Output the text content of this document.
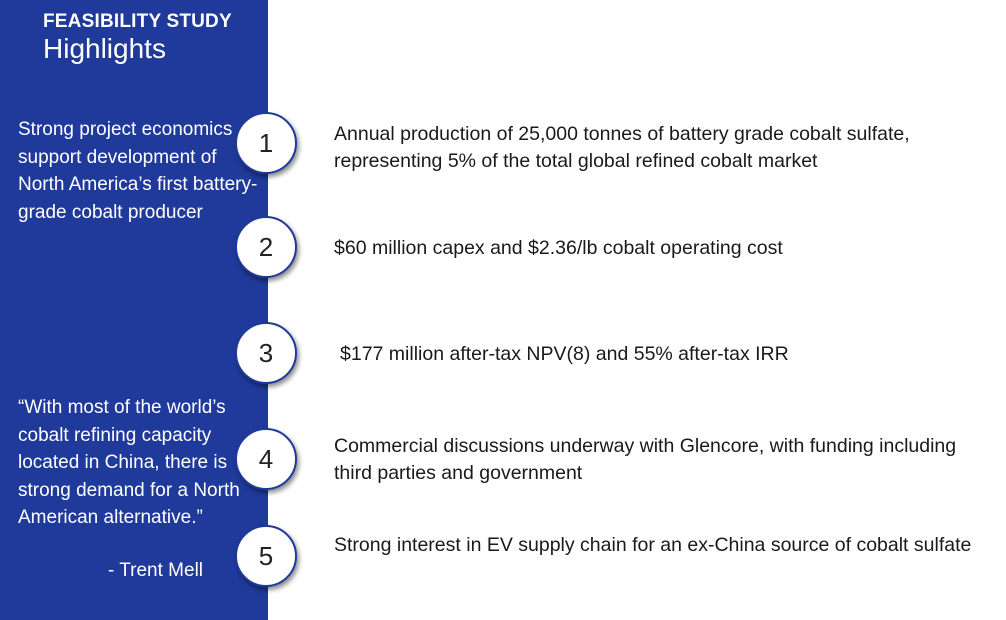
FEASIBILITY STUDY
Highlights
Strong project economics support development of North America’s first battery-grade cobalt producer
“With most of the world’s cobalt refining capacity located in China, there is strong demand for a North American alternative.”
- Trent Mell
1	Annual production of 25,000 tonnes of battery grade cobalt sulfate, representing 5% of the total global refined cobalt market
2	$60 million capex and $2.36/lb cobalt operating cost
3	$177 million after-tax NPV(8) and 55% after-tax IRR
4	Commercial discussions underway with Glencore, with funding including third parties and government
5	Strong interest in EV supply chain for an ex-China source of cobalt sulfate
